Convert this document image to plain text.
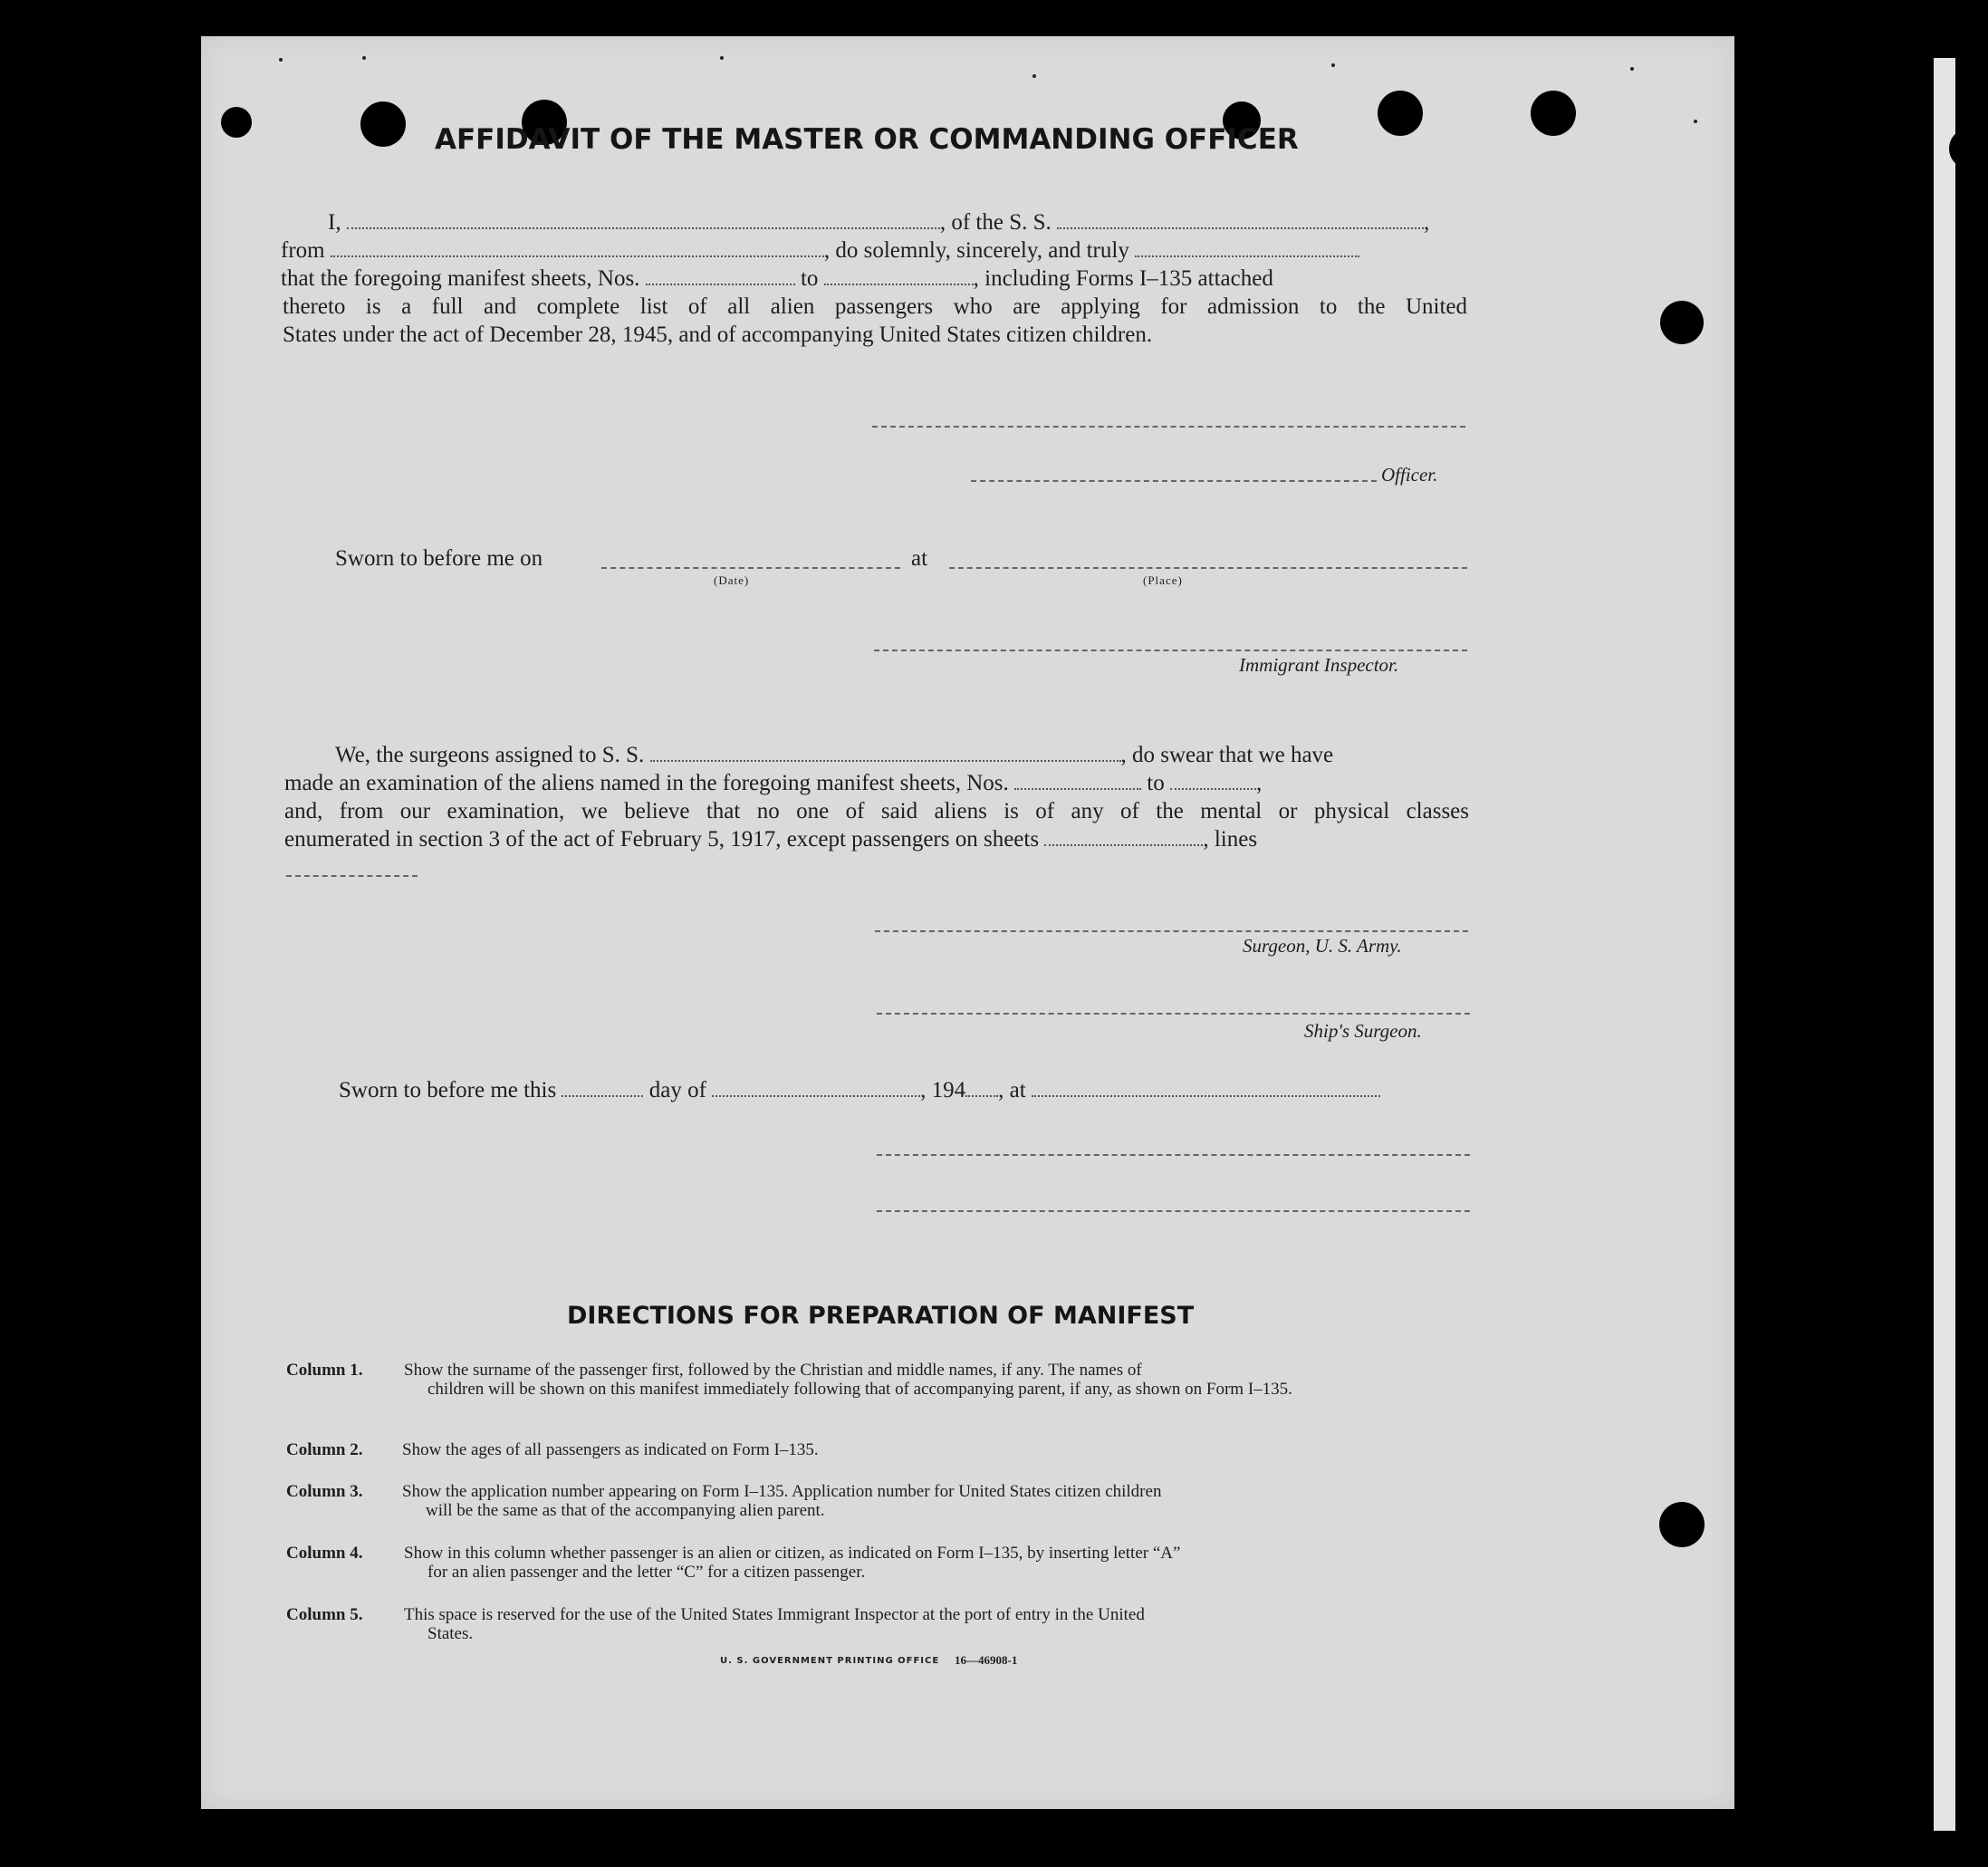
AFFIDAVIT OF THE MASTER OR COMMANDING OFFICER
I,	, of the S. S.	,
from	, do solemnly, sincerely, and truly
that the foregoing manifest sheets, Nos.	to	, including Forms I–135 attached
thereto is a full and complete list of all alien passengers who are applying for admission to the United
States under the act of December 28, 1945, and of accompanying United States citizen children.
Officer.
Sworn to before me on	at
(Date)	(Place)
Immigrant Inspector.
We, the surgeons assigned to S. S.	, do swear that we have
made an examination of the aliens named in the foregoing manifest sheets, Nos.	to	,
and, from our examination, we believe that no one of said aliens is of any of the mental or physical classes
enumerated in section 3 of the act of February 5, 1917, except passengers on sheets	, lines
Surgeon, U. S. Army.
Ship's Surgeon.
Sworn to before me this	day of	, 194 , at
DIRECTIONS FOR PREPARATION OF MANIFEST
Column 1. Show the surname of the passenger first, followed by the Christian and middle names, if any. The names of
children will be shown on this manifest immediately following that of accompanying parent, if any, as shown on Form I–135.
Column 2. Show the ages of all passengers as indicated on Form I–135.
Column 3. Show the application number appearing on Form I–135. Application number for United States citizen children
will be the same as that of the accompanying alien parent.
Column 4. Show in this column whether passenger is an alien or citizen, as indicated on Form I–135, by inserting letter “A”
for an alien passenger and the letter “C” for a citizen passenger.
Column 5. This space is reserved for the use of the United States Immigrant Inspector at the port of entry in the United
States.
U. S. GOVERNMENT PRINTING OFFICE 16—46908-1
